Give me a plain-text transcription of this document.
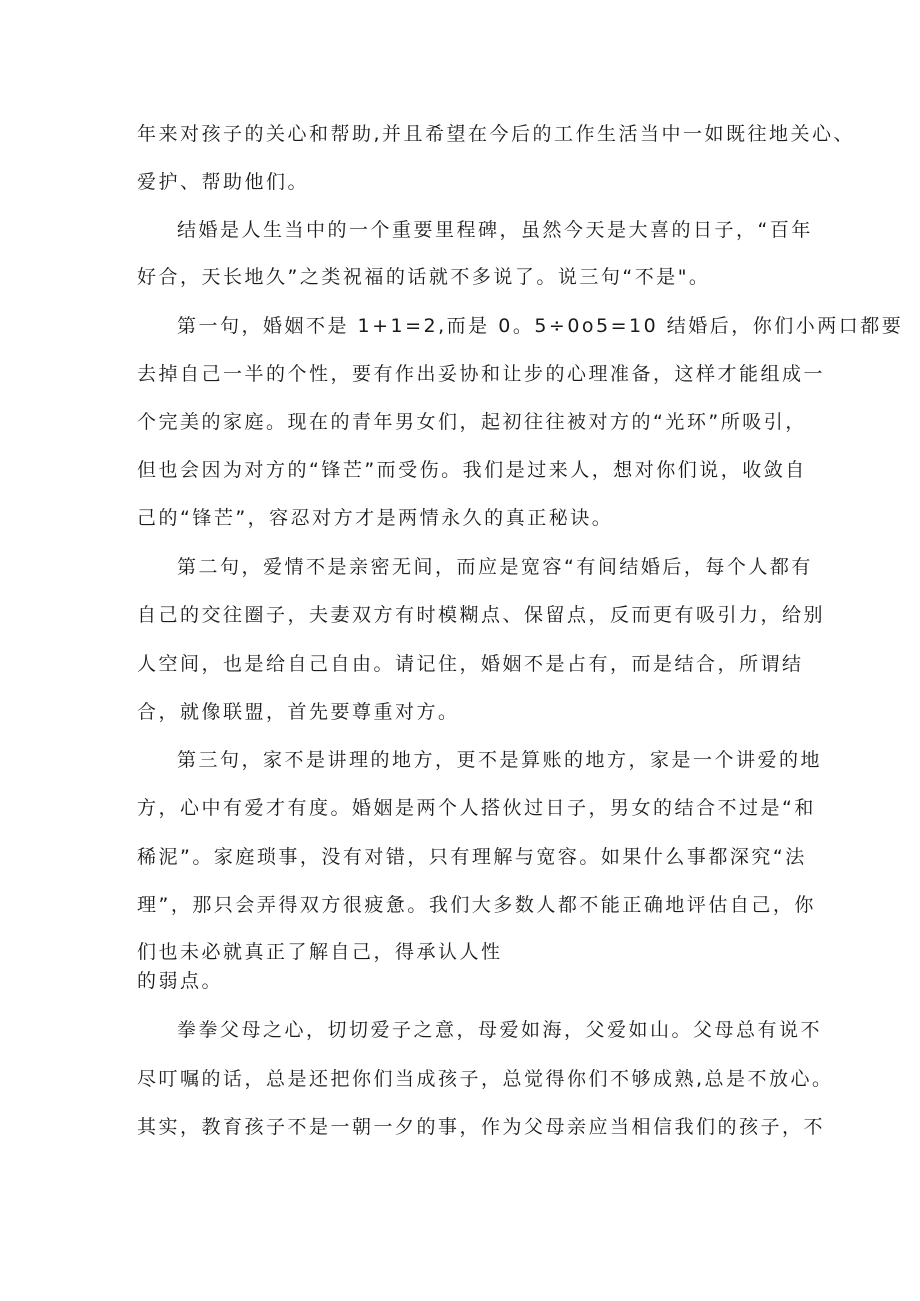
年来对孩子的关心和帮助,并且希望在今后的工作生活当中一如既往地关心、
爱护、帮助他们。
结婚是人生当中的一个重要里程碑，虽然今天是大喜的日子，“百年
好合，天长地久”之类祝福的话就不多说了。说三句“不是"。
第一句，婚姻不是 1+1=2,而是 0。5÷0o5=10 结婚后，你们小两口都要
去掉自己一半的个性，要有作出妥协和让步的心理准备，这样才能组成一
个完美的家庭。现在的青年男女们，起初往往被对方的“光环”所吸引，
但也会因为对方的“锋芒”而受伤。我们是过来人，想对你们说，收敛自
己的“锋芒”，容忍对方才是两情永久的真正秘诀。
第二句，爱情不是亲密无间，而应是宽容“有间结婚后，每个人都有
自己的交往圈子，夫妻双方有时模糊点、保留点，反而更有吸引力，给别
人空间，也是给自己自由。请记住，婚姻不是占有，而是结合，所谓结
合，就像联盟，首先要尊重对方。
第三句，家不是讲理的地方，更不是算账的地方，家是一个讲爱的地
方，心中有爱才有度。婚姻是两个人搭伙过日子，男女的结合不过是“和
稀泥”。家庭琐事，没有对错，只有理解与宽容。如果什么事都深究“法
理”，那只会弄得双方很疲惫。我们大多数人都不能正确地评估自己，你
们也未必就真正了解自己，得承认人性
的弱点。
拳拳父母之心，切切爱子之意，母爱如海，父爱如山。父母总有说不
尽叮嘱的话，总是还把你们当成孩子，总觉得你们不够成熟,总是不放心。
其实，教育孩子不是一朝一夕的事，作为父母亲应当相信我们的孩子，不
